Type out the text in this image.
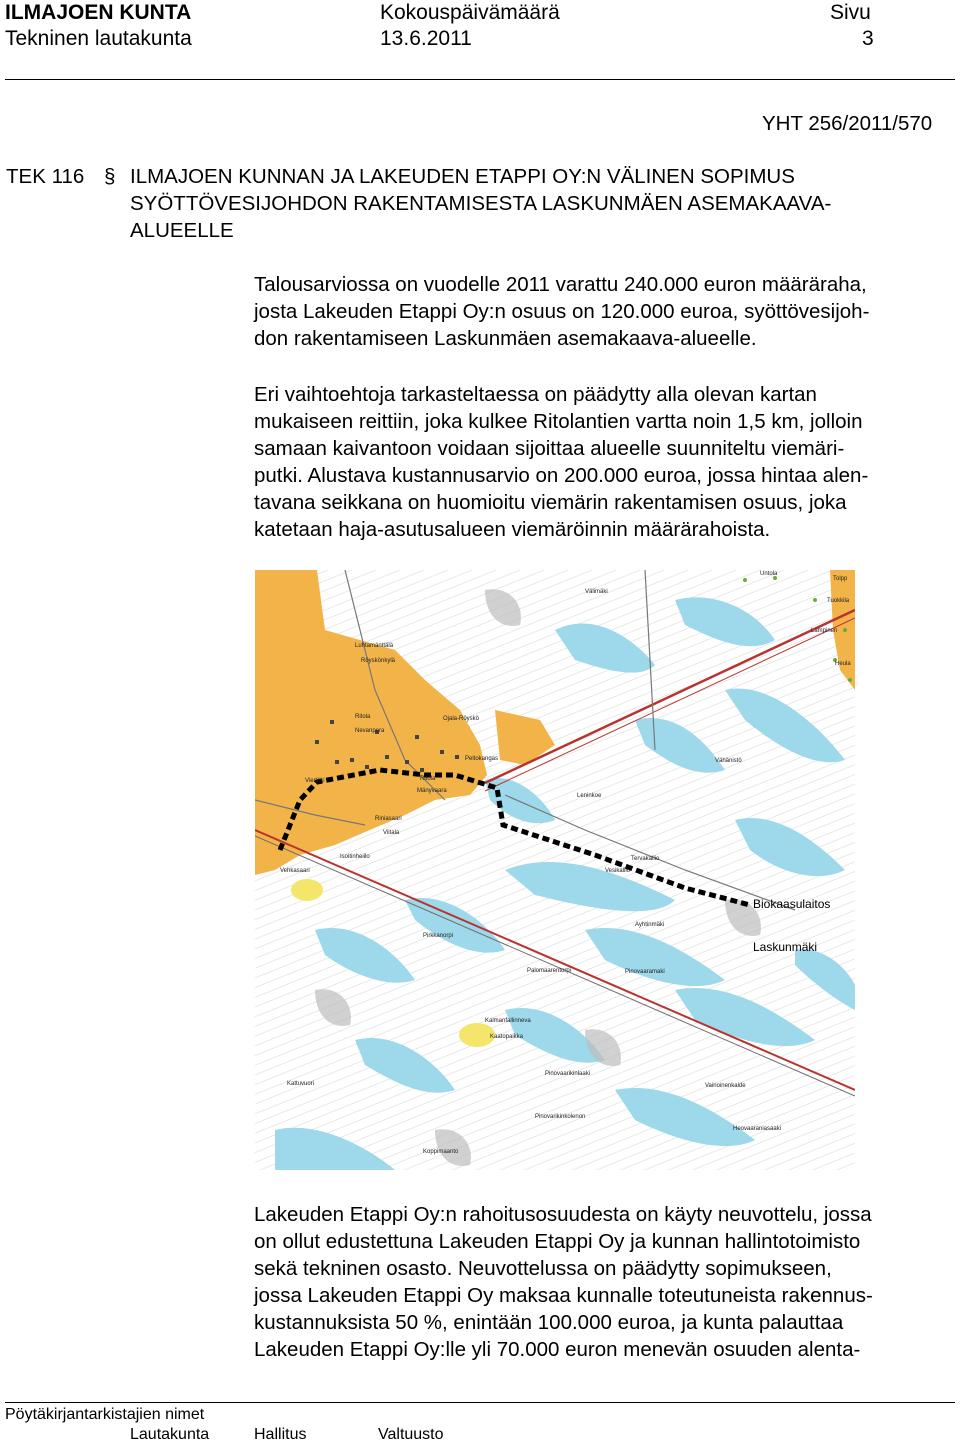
ILMAJOEN KUNTA	Kokouspäivämäärä	Sivu
Tekninen lautakunta	13.6.2011	3
YHT 256/2011/570
TEK 116 § ILMAJOEN KUNNAN JA LAKEUDEN ETAPPI OY:N VÄLINEN SOPIMUS
SYÖTTÖVESIJOHDON RAKENTAMISESTA LASKUNMÄEN ASEMAKAAVA-
ALUEELLE
Talousarviossa on vuodelle 2011 varattu 240.000 euron määräraha,
josta Lakeuden Etappi Oy:n osuus on 120.000 euroa, syöttövesijoh-
don rakentamiseen Laskunmäen asemakaava-alueelle.
Eri vaihtoehtoja tarkasteltaessa on päädytty alla olevan kartan
mukaiseen reittiin, joka kulkee Ritolantien vartta noin 1,5 km, jolloin
samaan kaivantoon voidaan sijoittaa alueelle suunniteltu viemäri-
putki. Alustava kustannusarvio on 200.000 euroa, jossa hintaa alen-
tavana seikkana on huomioitu viemärin rakentamisen osuus, joka
katetaan haja-asutusalueen viemäröinnin määrärahoista.
Välimäki
Untola
Tolpp
Tuokkila
Lampinen
Heula
Luhtamänttälä
Röyskönkylä
Ritola
Nevanpera
Ojala-Röyskö
Peltokangas
Vierlöki	Ritola
Mänyvaara
Riniasaari
Viitala
Isoitinheiilo
Vehkasaari
Tervakallio
Vesikallio
Vähänistö
Leninkoe
Ayhtinmäki
Pirkkanorpi
Palomaarentorpi	Pinovaaramaki
Kalmanfallinneva
Kaatopaikka
Pinovaarikinlaaki
Kattuvuori	Vainoinenkaide
Pinovarikinkolenon
Heovaaraniasaaki
Koppimaanto
Biokaasulaitos
Laskunmäki
Lakeuden Etappi Oy:n rahoitusosuudesta on käyty neuvottelu, jossa
on ollut edustettuna Lakeuden Etappi Oy ja kunnan hallintotoimisto
sekä tekninen osasto. Neuvottelussa on päädytty sopimukseen,
jossa Lakeuden Etappi Oy maksaa kunnalle toteutuneista rakennus-
kustannuksista 50 %, enintään 100.000 euroa, ja kunta palauttaa
Lakeuden Etappi Oy:lle yli 70.000 euron menevän osuuden alenta-
Pöytäkirjantarkistajien nimet
Lautakunta	Hallitus	Valtuusto
